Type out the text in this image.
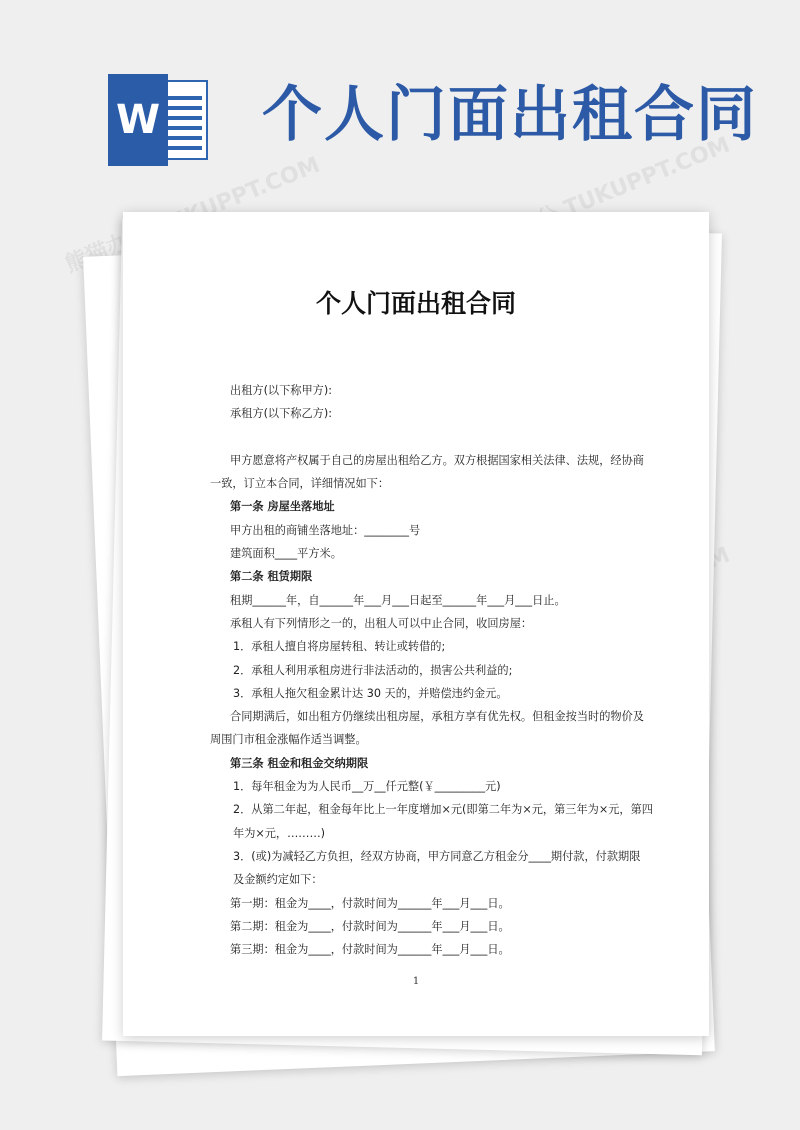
W 个人门面出租合同
熊猫办公 TUKUPPT.COM	熊猫办公 TUKUPPT.COM
个人门面出租合同
出租方(以下称甲方):
承租方(以下称乙方):
甲方愿意将产权属于自己的房屋出租给乙方。双方根据国家相关法律、法规，经协商
一致，订立本合同，详细情况如下：
第一条 房屋坐落地址
甲方出租的商铺坐落地址：________号
建筑面积____平方米。
第二条 租赁期限
租期______年，自______年___月___日起至______年___月___日止。
承租人有下列情形之一的，出租人可以中止合同，收回房屋：
1．承租人擅自将房屋转租、转让或转借的;
2．承租人利用承租房进行非法活动的，损害公共利益的;
3．承租人拖欠租金累计达 30 天的，并赔偿违约金元。
合同期满后，如出租方仍继续出租房屋，承租方享有优先权。但租金按当时的物价及
周围门市租金涨幅作适当调整。
第三条 租金和租金交纳期限
1．每年租金为为人民币__万__仟元整(￥_________元)
2．从第二年起，租金每年比上一年度增加×元(即第二年为×元，第三年为×元，第四
年为×元，………)
3．(或)为减轻乙方负担，经双方协商，甲方同意乙方租金分____期付款，付款期限
及金额约定如下：
第一期：租金为____，付款时间为______年___月___日。
第二期：租金为____，付款时间为______年___月___日。
第三期：租金为____，付款时间为______年___月___日。
1
